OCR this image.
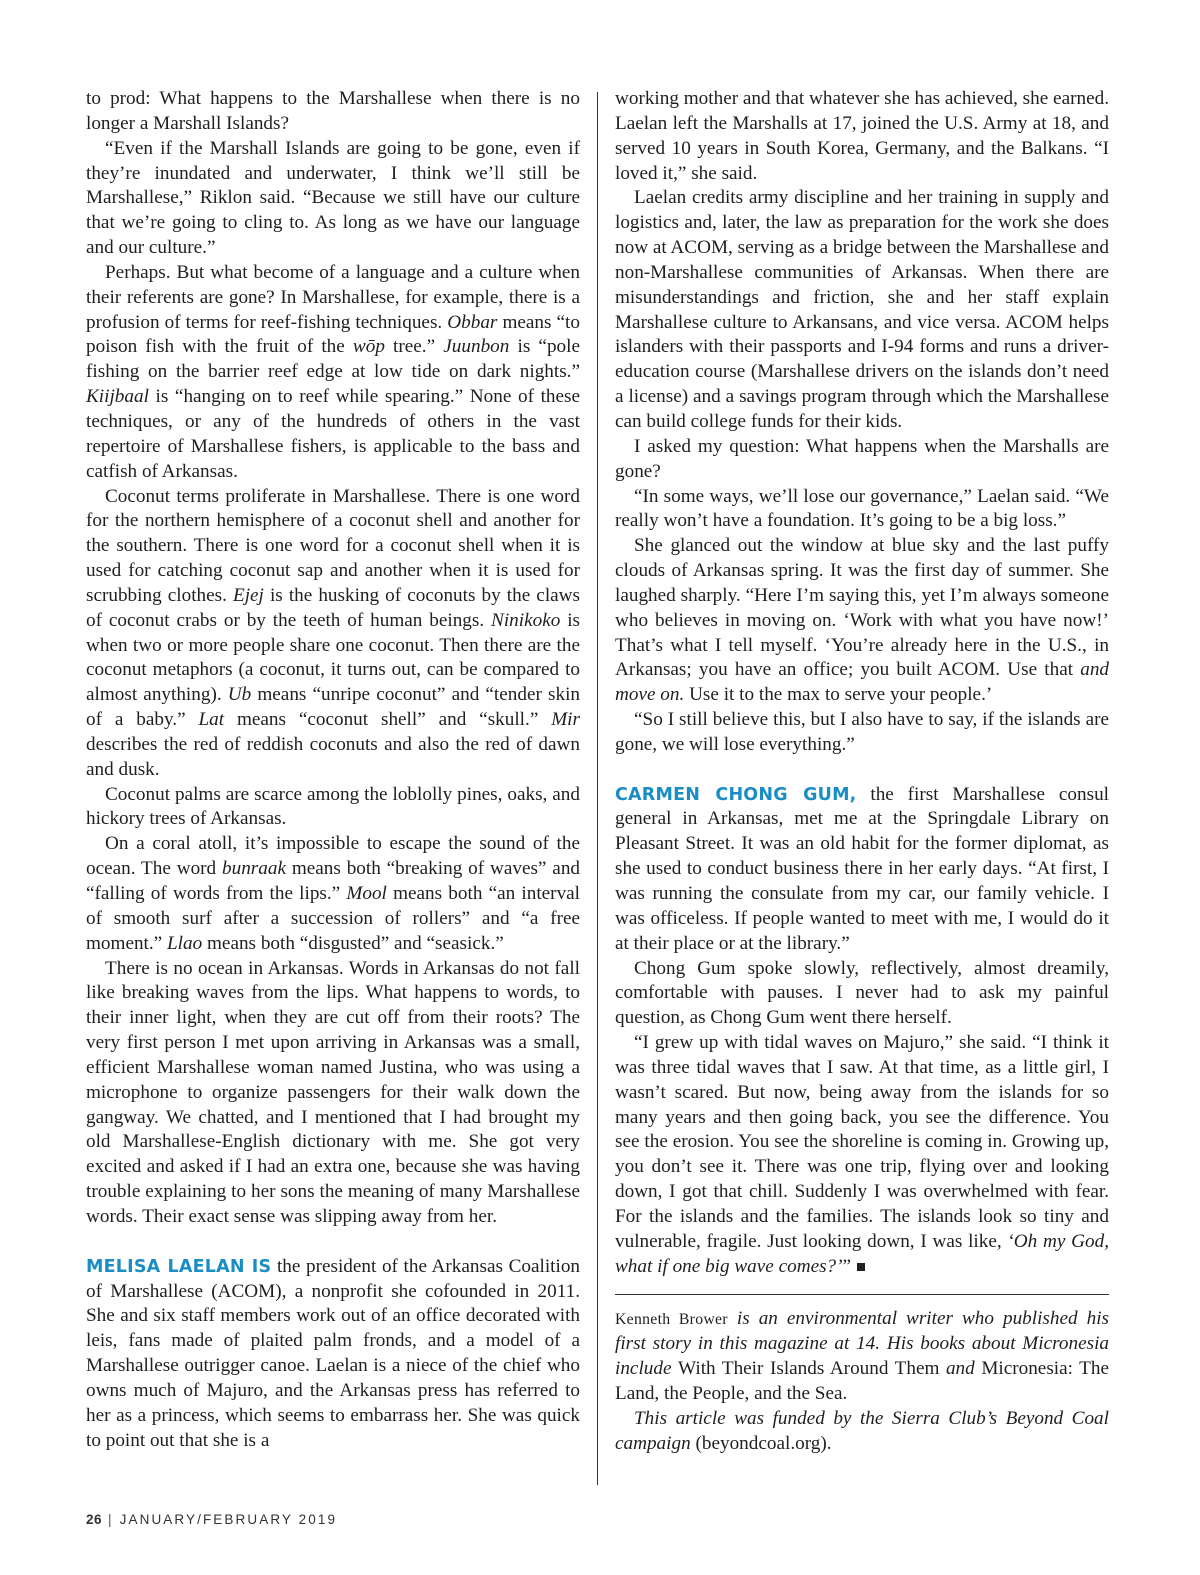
to prod: What happens to the Marshallese when there is no longer a Marshall Islands?

“Even if the Marshall Islands are going to be gone, even if they’re inundated and underwater, I think we’ll still be Marshallese,” Riklon said. “Because we still have our culture that we’re going to cling to. As long as we have our language and our culture.”

Perhaps. But what become of a language and a culture when their referents are gone? In Marshallese, for example, there is a profusion of terms for reef-fishing techniques. Obbar means “to poison fish with the fruit of the wōp tree.” Juunbon is “pole fishing on the barrier reef edge at low tide on dark nights.” Kiijbaal is “hanging on to reef while spearing.” None of these techniques, or any of the hundreds of others in the vast repertoire of Marshallese fishers, is applicable to the bass and catfish of Arkansas.

Coconut terms proliferate in Marshallese. There is one word for the northern hemisphere of a coconut shell and another for the southern. There is one word for a coconut shell when it is used for catching coconut sap and another when it is used for scrubbing clothes. Ejej is the husking of coconuts by the claws of coconut crabs or by the teeth of human beings. Ninikoko is when two or more people share one coconut. Then there are the coconut metaphors (a coconut, it turns out, can be compared to almost anything). Ub means “unripe coconut” and “tender skin of a baby.” Lat means “coconut shell” and “skull.” Mir describes the red of reddish coconuts and also the red of dawn and dusk.

Coconut palms are scarce among the loblolly pines, oaks, and hickory trees of Arkansas.

On a coral atoll, it’s impossible to escape the sound of the ocean. The word bunraak means both “breaking of waves” and “falling of words from the lips.” Mool means both “an interval of smooth surf after a succession of rollers” and “a free moment.” Llao means both “disgusted” and “seasick.”

There is no ocean in Arkansas. Words in Arkansas do not fall like breaking waves from the lips. What happens to words, to their inner light, when they are cut off from their roots? The very first person I met upon arriving in Arkansas was a small, efficient Marshallese woman named Justina, who was using a microphone to organize passengers for their walk down the gangway. We chatted, and I mentioned that I had brought my old Marshallese-English dictionary with me. She got very excited and asked if I had an extra one, because she was having trouble explaining to her sons the meaning of many Marshallese words. Their exact sense was slipping away from her.

MELISA LAELAN IS the president of the Arkansas Coalition of Marshallese (ACOM), a nonprofit she cofounded in 2011. She and six staff members work out of an office decorated with leis, fans made of plaited palm fronds, and a model of a Marshallese outrigger canoe. Laelan is a niece of the chief who owns much of Majuro, and the Arkansas press has referred to her as a princess, which seems to embarrass her. She was quick to point out that she is a

working mother and that whatever she has achieved, she earned. Laelan left the Marshalls at 17, joined the U.S. Army at 18, and served 10 years in South Korea, Germany, and the Balkans. “I loved it,” she said.

Laelan credits army discipline and her training in supply and logistics and, later, the law as preparation for the work she does now at ACOM, serving as a bridge between the Marshallese and non-Marshallese communities of Arkansas. When there are misunderstandings and friction, she and her staff explain Marshallese culture to Arkansans, and vice versa. ACOM helps islanders with their passports and I-94 forms and runs a driver-education course (Marshallese drivers on the islands don’t need a license) and a savings program through which the Marshallese can build college funds for their kids.

I asked my question: What happens when the Marshalls are gone?

“In some ways, we’ll lose our governance,” Laelan said. “We really won’t have a foundation. It’s going to be a big loss.”

She glanced out the window at blue sky and the last puffy clouds of Arkansas spring. It was the first day of summer. She laughed sharply. “Here I’m saying this, yet I’m always someone who believes in moving on. ‘Work with what you have now!’ That’s what I tell myself. ‘You’re already here in the U.S., in Arkansas; you have an office; you built ACOM. Use that and move on. Use it to the max to serve your people.’

“So I still believe this, but I also have to say, if the islands are gone, we will lose everything.”

CARMEN CHONG GUM, the first Marshallese consul general in Arkansas, met me at the Springdale Library on Pleasant Street. It was an old habit for the former diplomat, as she used to conduct business there in her early days. “At first, I was running the consulate from my car, our family vehicle. I was officeless. If people wanted to meet with me, I would do it at their place or at the library.”

Chong Gum spoke slowly, reflectively, almost dreamily, comfortable with pauses. I never had to ask my painful question, as Chong Gum went there herself.

“I grew up with tidal waves on Majuro,” she said. “I think it was three tidal waves that I saw. At that time, as a little girl, I wasn’t scared. But now, being away from the islands for so many years and then going back, you see the difference. You see the erosion. You see the shoreline is coming in. Growing up, you don’t see it. There was one trip, flying over and looking down, I got that chill. Suddenly I was overwhelmed with fear. For the islands and the families. The islands look so tiny and vulnerable, fragile. Just looking down, I was like, ‘Oh my God, what if one big wave comes?’”

Kenneth Brower is an environmental writer who published his first story in this magazine at 14. His books about Micronesia include With Their Islands Around Them and Micronesia: The Land, the People, and the Sea.

This article was funded by the Sierra Club’s Beyond Coal campaign (beyondcoal.org).

26 | JANUARY/FEBRUARY 2019
